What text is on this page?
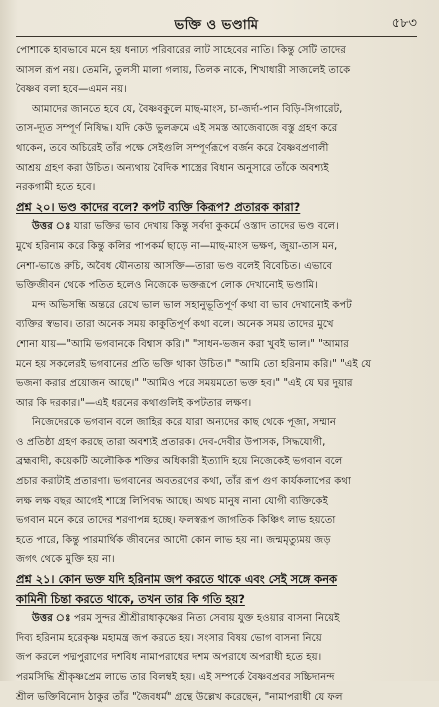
ভক্তি ও ভণ্ডামি	৫৮৩

পোশাকে হাবভাবে মনে হয় ধনাঢ্য পরিবারের লাট সাহেবের নাতি। কিন্তু সেটি তাদের

আসল রূপ নয়। তেমনি, তুলসী মালা গলায়, তিলক নাকে, শিখাধারী সাজলেই তাকে

বৈষ্ণব বলা হবে—এমন নয়।

আমাদের জানতে হবে যে, বৈষ্ণবকুলে মাছ-মাংস, চা-জর্দা-পান বিড়ি-সিগারেট,

তাস-দ্যূত সম্পূর্ণ নিষিদ্ধ। যদি কেউ ভুলক্রমে এই সমস্ত আজেবাজে বস্তু গ্রহণ করে

থাকেন, তবে অচিরেই তাঁর পক্ষে সেইগুলি সম্পূর্ণরূপে বর্জন করে বৈষ্ণবপ্রণালী

আশ্রয় গ্রহণ করা উচিত। অন্যথায় বৈদিক শাস্ত্রের বিধান অনুসারে তাঁকে অবশ্যই

নরকগামী হতে হবে।

প্রশ্ন ২০। ভণ্ড কাদের বলে? কপট ব্যক্তি কিরূপ? প্রতারক কারা?

উত্তর ঃ যারা ভক্তির ভাব দেখায় কিন্তু সর্বদা কুকর্মে ওস্তাদ তাদের ভণ্ড বলে।

মুখে হরিনাম করে কিন্তু কলির পাপকর্ম ছাড়ে না—মাছ-মাংস ভক্ষণ, জুয়া-তাস মন,

নেশা-ভাঙে রুচি, অবৈধ যৌনতায় আসক্তি—তারা ভণ্ড বলেই বিবেচিত। এভাবে

ভক্তিজীবন থেকে পতিত হলেও নিজেকে ভক্তরূপে লোক দেখানোই ভণ্ডামি।

মন্দ অভিসন্ধি অন্তরে রেখে ভাল ভাল সহানুভূতিপূর্ণ কথা বা ভাব দেখানোই কপট

ব্যক্তির স্বভাব। তারা অনেক সময় কাকুতিপূর্ণ কথা বলে। অনেক সময় তাদের মুখে

শোনা যায়—"আমি ভগবানকে বিশ্বাস করি।" "সাধন-ভজন করা খুবই ভাল।" "আমার

মনে হয় সকলেরই ভগবানের প্রতি ভক্তি থাকা উচিত।" "আমি তো হরিনাম করি।" "এই যে

ভজনা করার প্রয়োজন আছে।" "আমিও পরে সময়মতো ভক্ত হব।" "এই যে ঘর দুয়ার

আর কি দরকার।"—এই ধরনের কথাগুলিই কপটতার লক্ষণ।

নিজেদেরকে ভগবান বলে জাহির করে যারা অন্যদের কাছ থেকে পূজা, সম্মান

ও প্রতিষ্ঠা গ্রহণ করছে তারা অবশ্যই প্রতারক। দেব-দেবীর উপাসক, সিদ্ধযোগী,

ব্রহ্মবাদী, কয়েকটি অলৌকিক শক্তির অধিকারী ইত্যাদি হয়ে নিজেকেই ভগবান বলে

প্রচার করাটাই প্রতারণা। ভগবানের অবতরণের কথা, তাঁর রূপ গুণ কার্যকলাপের কথা

লক্ষ লক্ষ বছর আগেই শাস্ত্রে লিপিবদ্ধ আছে। অথচ মানুষ নানা যোগী ব্যক্তিকেই

ভগবান মনে করে তাদের শরণাপন্ন হচ্ছে। ফলস্বরূপ জাগতিক কিঞ্চিৎ লাভ হয়তো

হতে পারে, কিন্তু পারমার্থিক জীবনের আদৌ কোন লাভ হয় না। জন্মমৃত্যুময় জড়

জগৎ থেকে মুক্তি হয় না।

প্রশ্ন ২১। কোন ভক্ত যদি হরিনাম জপ করতে থাকে এবং সেই সঙ্গে কনক

কামিনী চিন্তা করতে থাকে, তখন তার কি গতি হয়?

উত্তর ঃ পরম সুন্দর শ্রীশ্রীরাধাকৃষ্ণের নিত্য সেবায় যুক্ত হওয়ার বাসনা নিয়েই

দিব্য হরিনাম হরেকৃষ্ণ মহামন্ত্র জপ করতে হয়। সংসার বিষয় ভোগ বাসনা নিয়ে

জপ করলে পদ্মপুরাণের দশবিধ নামাপরাধের দশম অপরাধে অপরাধী হতে হয়।

পরমসিদ্ধি শ্রীকৃষ্ণপ্রেম লাভে তার বিলম্বই হয়। এই সম্পর্কে বৈষ্ণবপ্রবর সচ্চিদানন্দ

শ্রীল ভক্তিবিনোদ ঠাকুর তাঁর "জৈবধর্ম" গ্রন্থে উল্লেখ করেছেন, "নামাপরাধী যে ফল
